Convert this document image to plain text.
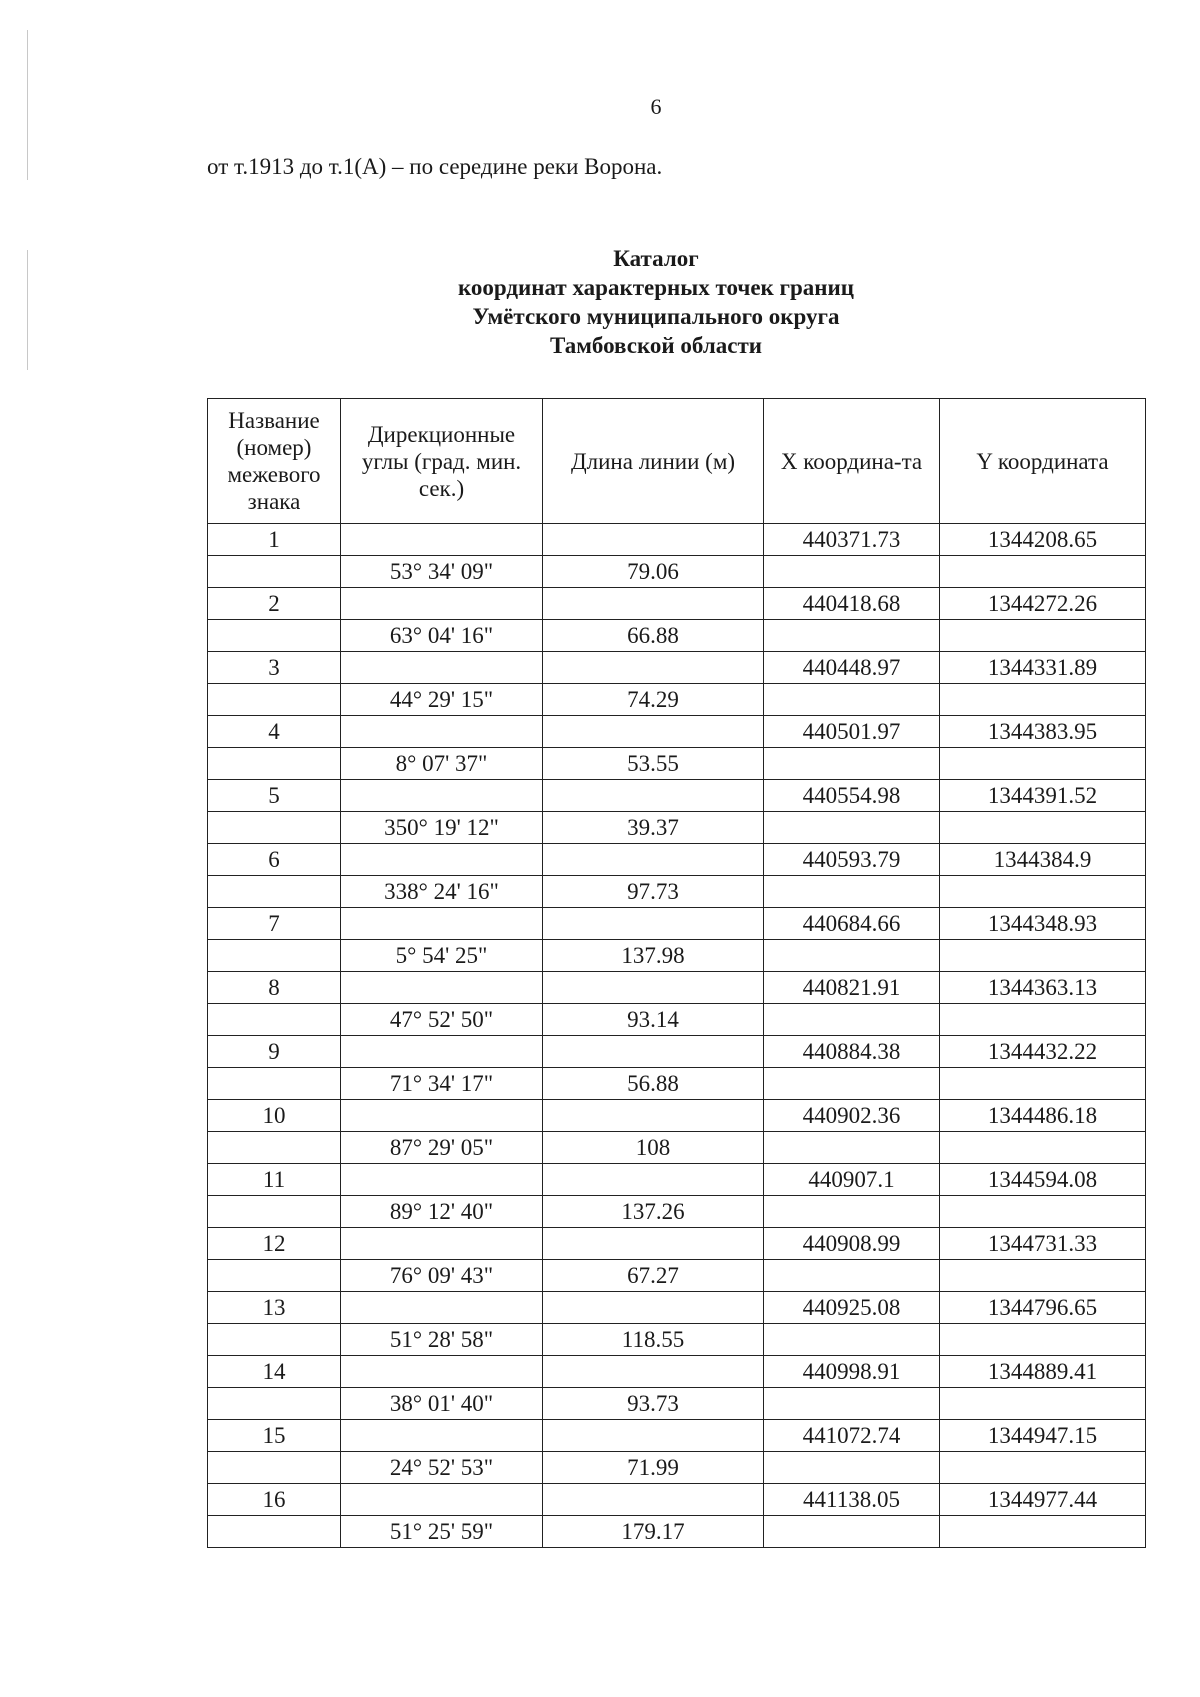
6
от т.1913 до т.1(А) – по середине реки Ворона.
Каталог
координат характерных точек границ
Умётского муниципального округа
Тамбовской области
Название (номер) межевого знака	Дирекционные углы (град. мин. сек.)	Длина линии (м)	X координа-та	Y координата
1			440371.73	1344208.65
	53° 34' 09"	79.06		
2			440418.68	1344272.26
	63° 04' 16"	66.88		
3			440448.97	1344331.89
	44° 29' 15"	74.29		
4			440501.97	1344383.95
	8° 07' 37"	53.55		
5			440554.98	1344391.52
	350° 19' 12"	39.37		
6			440593.79	1344384.9
	338° 24' 16"	97.73		
7			440684.66	1344348.93
	5° 54' 25"	137.98		
8			440821.91	1344363.13
	47° 52' 50"	93.14		
9			440884.38	1344432.22
	71° 34' 17"	56.88		
10			440902.36	1344486.18
	87° 29' 05"	108		
11			440907.1	1344594.08
	89° 12' 40"	137.26		
12			440908.99	1344731.33
	76° 09' 43"	67.27		
13			440925.08	1344796.65
	51° 28' 58"	118.55		
14			440998.91	1344889.41
	38° 01' 40"	93.73		
15			441072.74	1344947.15
	24° 52' 53"	71.99		
16			441138.05	1344977.44
	51° 25' 59"	179.17		
